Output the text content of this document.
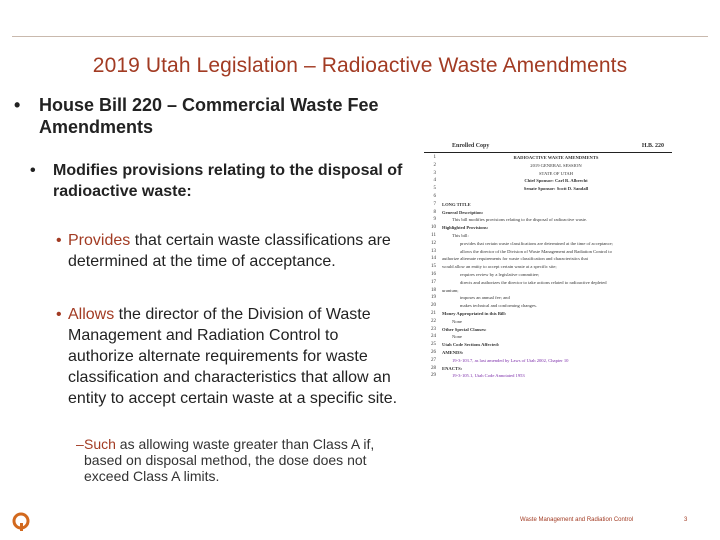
2019 Utah Legislation – Radioactive Waste Amendments
• House Bill 220 – Commercial Waste Fee Amendments
• Modifies provisions relating to the disposal of radioactive waste:
• Provides that certain waste classifications are determined at the time of acceptance.
• Allows the director of the Division of Waste Management and Radiation Control to authorize alternate requirements for waste classification and characteristics that allow an entity to accept certain waste at a specific site.
– Such as allowing waste greater than Class A if, based on disposal method, the dose does not exceed Class A limits.
Enrolled Copy	H.B. 220
1
2
3
4
5
6
7
8
9
10
11
12
13
14
15
16
17
18
19
20
21
22
23
24
25
26
27
28
29
RADIOACTIVE WASTE AMENDMENTS
2019 GENERAL SESSION
STATE OF UTAH
Chief Sponsor: Carl R. Albrecht
Senate Sponsor: Scott D. Sandall

LONG TITLE
General Description:
This bill modifies provisions relating to the disposal of radioactive waste.
Highlighted Provisions:
This bill:
provides that certain waste classifications are determined at the time of acceptance;
allows the director of the Division of Waste Management and Radiation Control to
authorize alternate requirements for waste classification and characteristics that
would allow an entity to accept certain waste at a specific site;
requires review by a legislative committee;
directs and authorizes the director to take actions related to radioactive depleted
uranium;
imposes an annual fee; and
makes technical and conforming changes.
Money Appropriated in this Bill:
None
Other Special Clauses:
None
Utah Code Sections Affected:
AMENDS:
19-3-103.7, as last amended by Laws of Utah 2002, Chapter 10
ENACTS:
19-3-105.1, Utah Code Annotated 1953
Waste Management and Radiation Control	3
